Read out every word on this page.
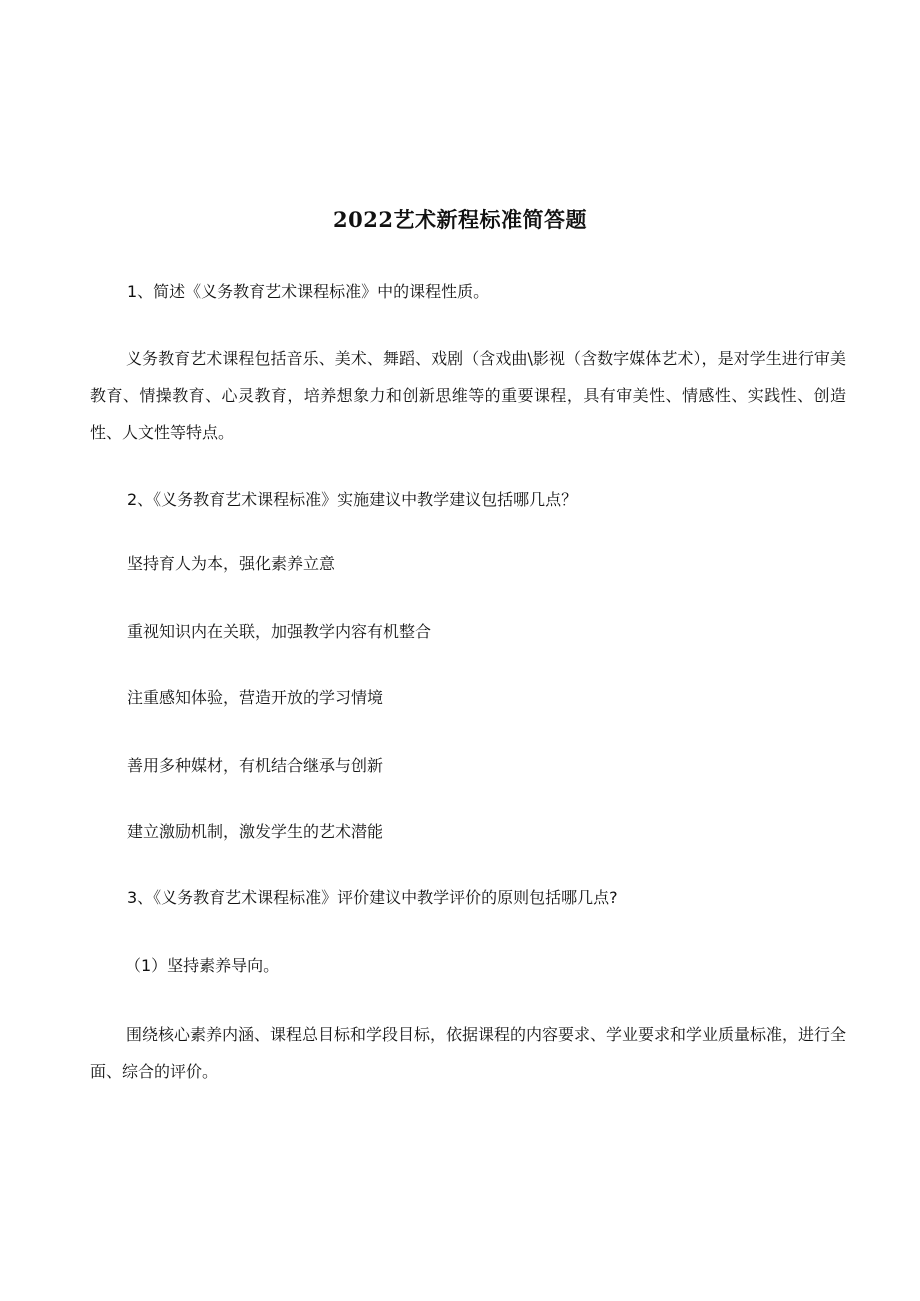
2022艺术新程标准简答题
1、简述《义务教育艺术课程标准》中的课程性质。
义务教育艺术课程包括音乐、美术、舞蹈、戏剧（含戏曲\影视（含数字媒体艺术），是对学生进行审美教育、情操教育、心灵教育，培养想象力和创新思维等的重要课程，具有审美性、情感性、实践性、创造性、人文性等特点。
2、《义务教育艺术课程标准》实施建议中教学建议包括哪几点？
坚持育人为本，强化素养立意
重视知识内在关联，加强教学内容有机整合
注重感知体验，营造开放的学习情境
善用多种媒材，有机结合继承与创新
建立激励机制，激发学生的艺术潜能
3、《义务教育艺术课程标准》评价建议中教学评价的原则包括哪几点?
（1）坚持素养导向。
围绕核心素养内涵、课程总目标和学段目标，依据课程的内容要求、学业要求和学业质量标准，进行全面、综合的评价。
